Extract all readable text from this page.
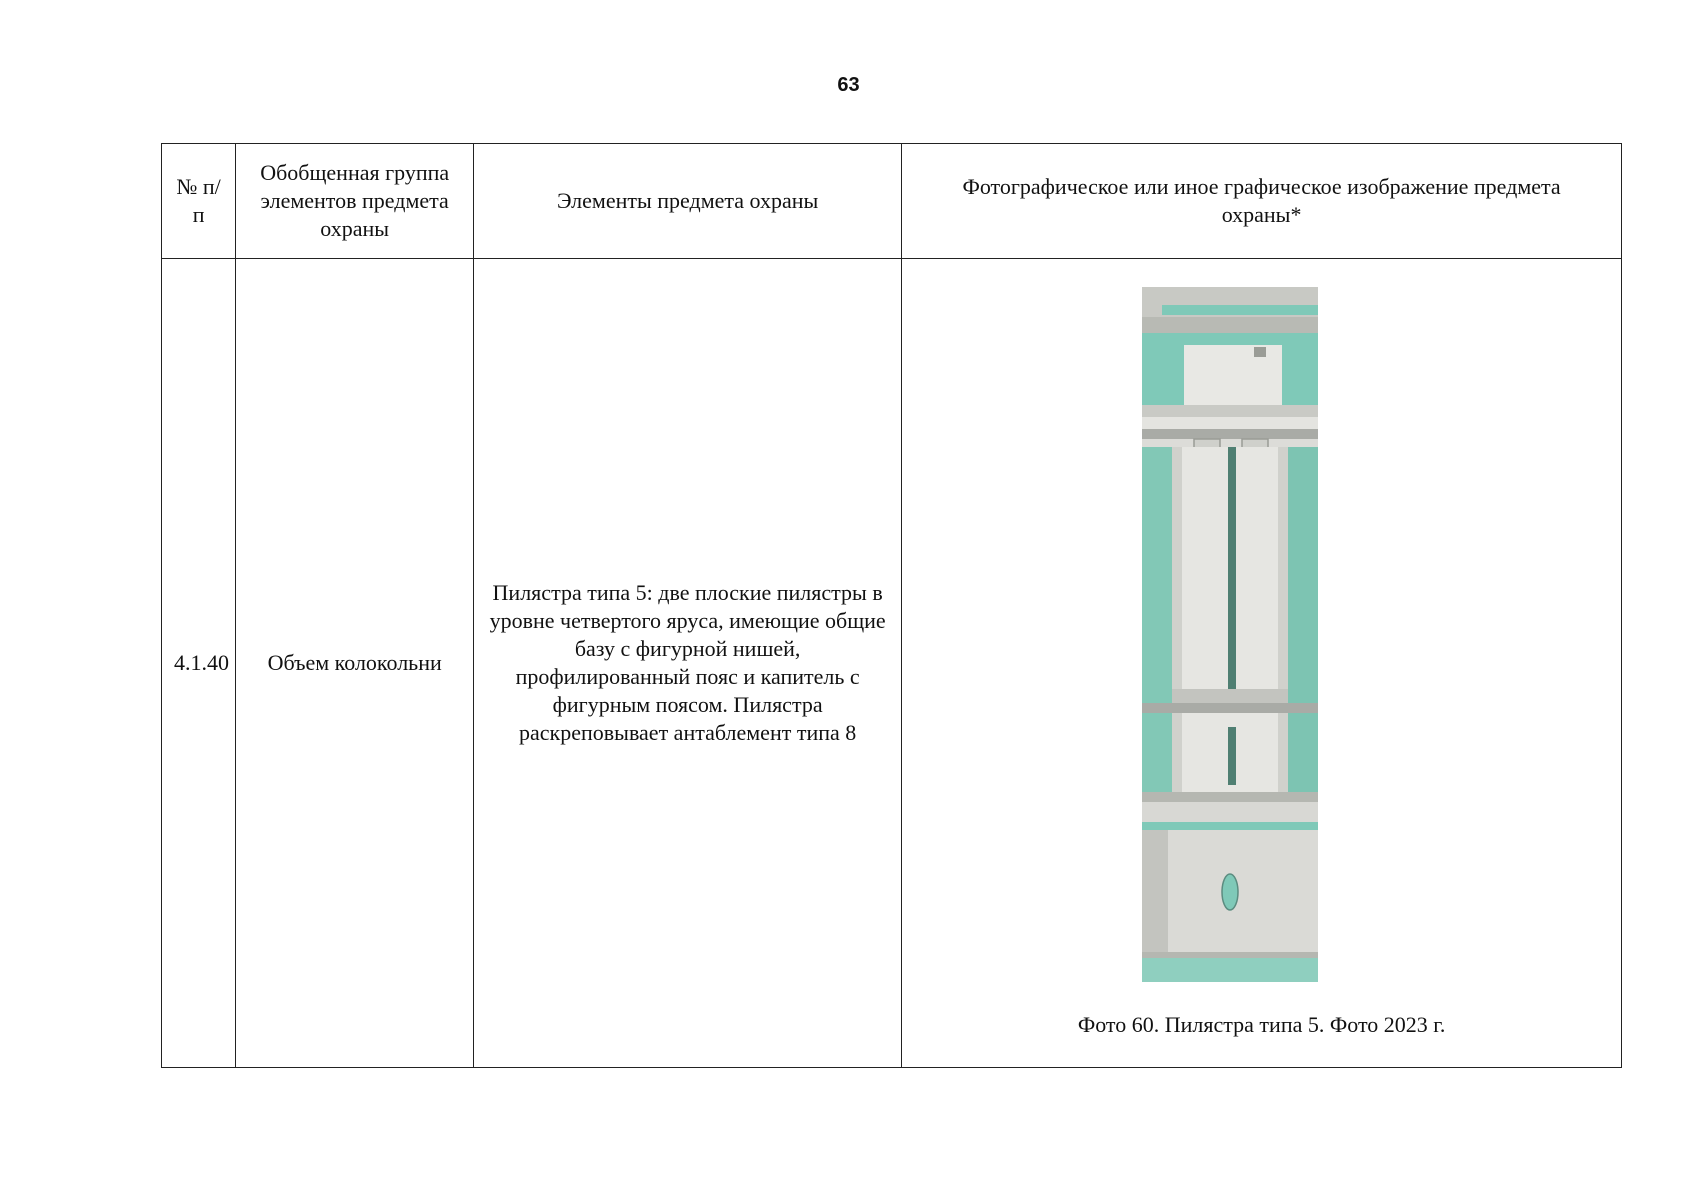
63
№ п/п	Обобщенная группа элементов предмета охраны	Элементы предмета охраны	Фотографическое или иное графическое изображение предмета охраны*
4.1.40	Объем колокольни	Пилястра типа 5: две плоские пилястры в уровне четвертого яруса, имеющие общие базу с фигурной нишей, профилированный пояс и капитель с фигурным поясом. Пилястра раскреповывает антаблемент типа 8	Фото 60. Пилястра типа 5. Фото 2023 г.
